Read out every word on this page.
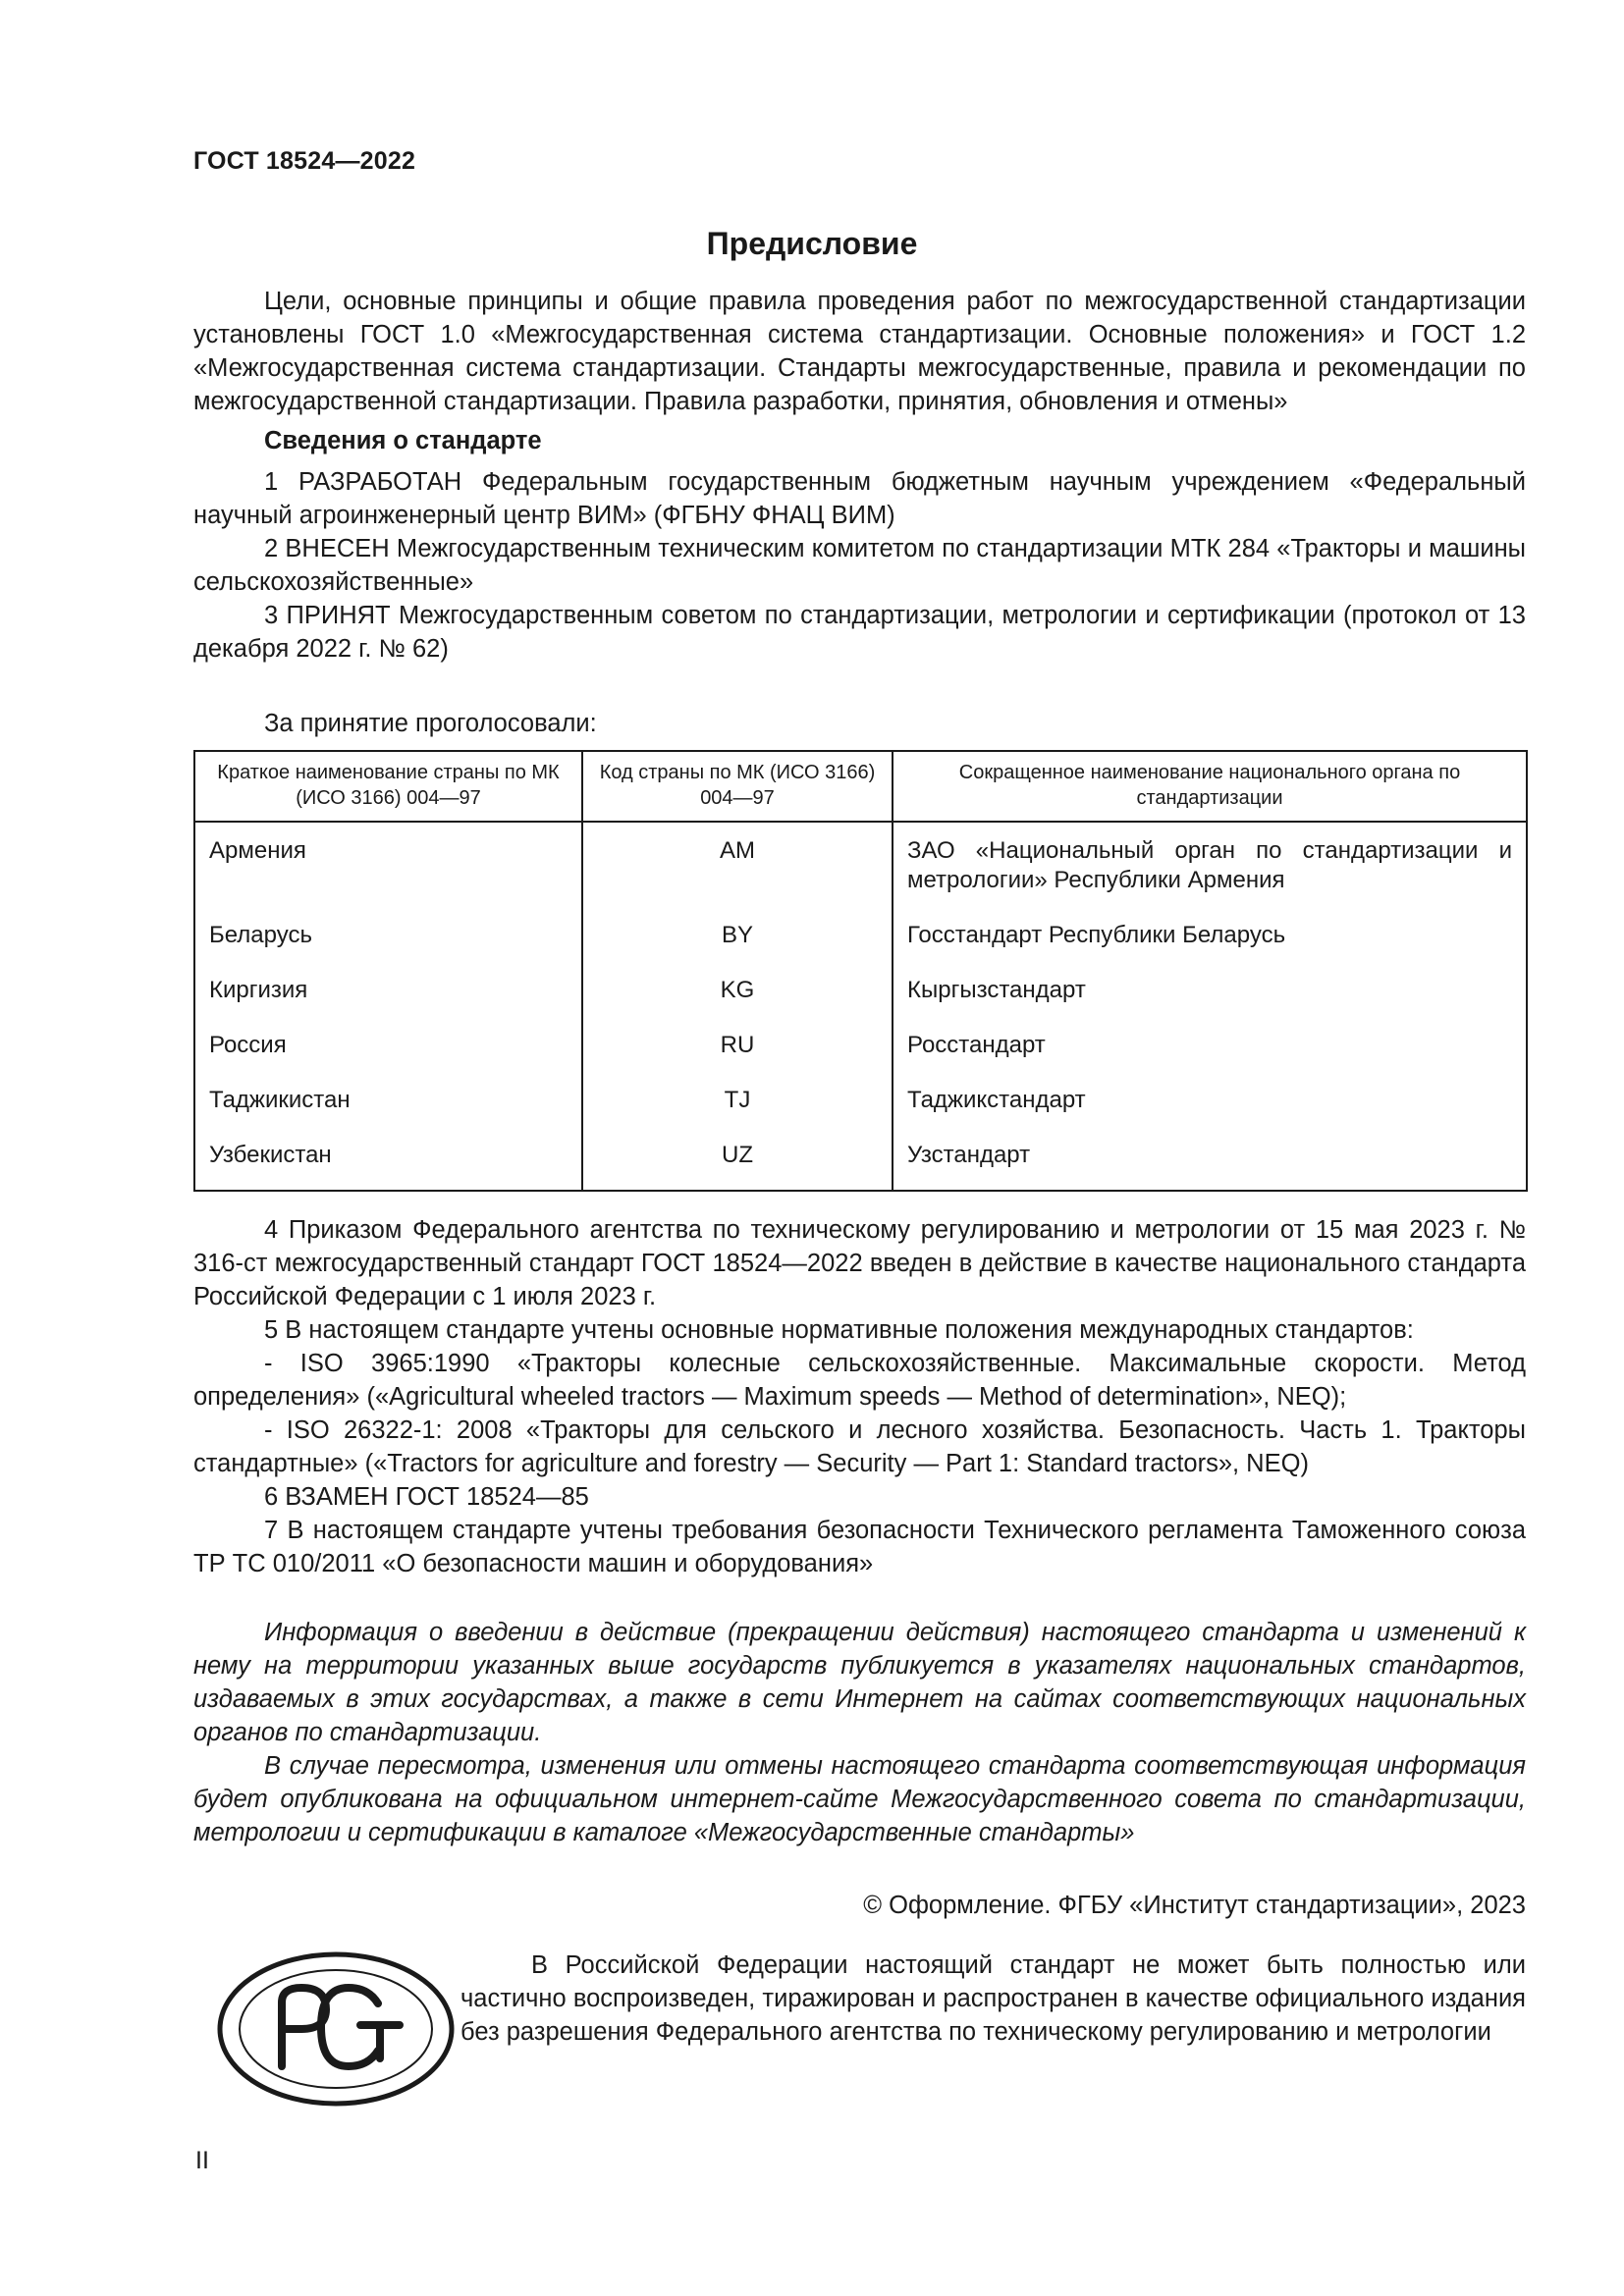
ГОСТ 18524—2022
Предисловие

Цели, основные принципы и общие правила проведения работ по межгосударственной стандартизации установлены ГОСТ 1.0 «Межгосударственная система стандартизации. Основные положения» и ГОСТ 1.2 «Межгосударственная система стандартизации. Стандарты межгосударственные, правила и рекомендации по межгосударственной стандартизации. Правила разработки, принятия, обновления и отмены»

Сведения о стандарте

1 РАЗРАБОТАН Федеральным государственным бюджетным научным учреждением «Федеральный научный агроинженерный центр ВИМ» (ФГБНУ ФНАЦ ВИМ)

2 ВНЕСЕН Межгосударственным техническим комитетом по стандартизации МТК 284 «Тракторы и машины сельскохозяйственные»

3 ПРИНЯТ Межгосударственным советом по стандартизации, метрологии и сертификации (протокол от 13 декабря 2022 г. № 62)

За принятие проголосовали:

Краткое наименование страны по МК (ИСО 3166) 004—97	Код страны по МК (ИСО 3166) 004—97	Сокращенное наименование национального органа по стандартизации
Армения	AM	ЗАО «Национальный орган по стандартизации и метрологии» Республики Армения
Беларусь	BY	Госстандарт Республики Беларусь
Киргизия	KG	Кыргызстандарт
Россия	RU	Росстандарт
Таджикистан	TJ	Таджикстандарт
Узбекистан	UZ	Узстандарт

4 Приказом Федерального агентства по техническому регулированию и метрологии от 15 мая 2023 г. № 316-ст межгосударственный стандарт ГОСТ 18524—2022 введен в действие в качестве национального стандарта Российской Федерации с 1 июля 2023 г.

5 В настоящем стандарте учтены основные нормативные положения международных стандартов:

- ISO 3965:1990 «Тракторы колесные сельскохозяйственные. Максимальные скорости. Метод определения» («Agricultural wheeled tractors — Maximum speeds — Method of determination», NEQ);

- ISO 26322-1: 2008 «Тракторы для сельского и лесного хозяйства. Безопасность. Часть 1. Тракторы стандартные» («Tractors for agriculture and forestry — Security — Part 1: Standard tractors», NEQ)

6 ВЗАМЕН ГОСТ 18524—85

7 В настоящем стандарте учтены требования безопасности Технического регламента Таможенного союза ТР ТС 010/2011 «О безопасности машин и оборудования»

Информация о введении в действие (прекращении действия) настоящего стандарта и изменений к нему на территории указанных выше государств публикуется в указателях национальных стандартов, издаваемых в этих государствах, а также в сети Интернет на сайтах соответствующих национальных органов по стандартизации.

В случае пересмотра, изменения или отмены настоящего стандарта соответствующая информация будет опубликована на официальном интернет-сайте Межгосударственного совета по стандартизации, метрологии и сертификации в каталоге «Межгосударственные стандарты»

© Оформление. ФГБУ «Институт стандартизации», 2023

В Российской Федерации настоящий стандарт не может быть полностью или частично воспроизведен, тиражирован и распространен в качестве официального издания без разрешения Федерального агентства по техническому регулированию и метрологии

II
